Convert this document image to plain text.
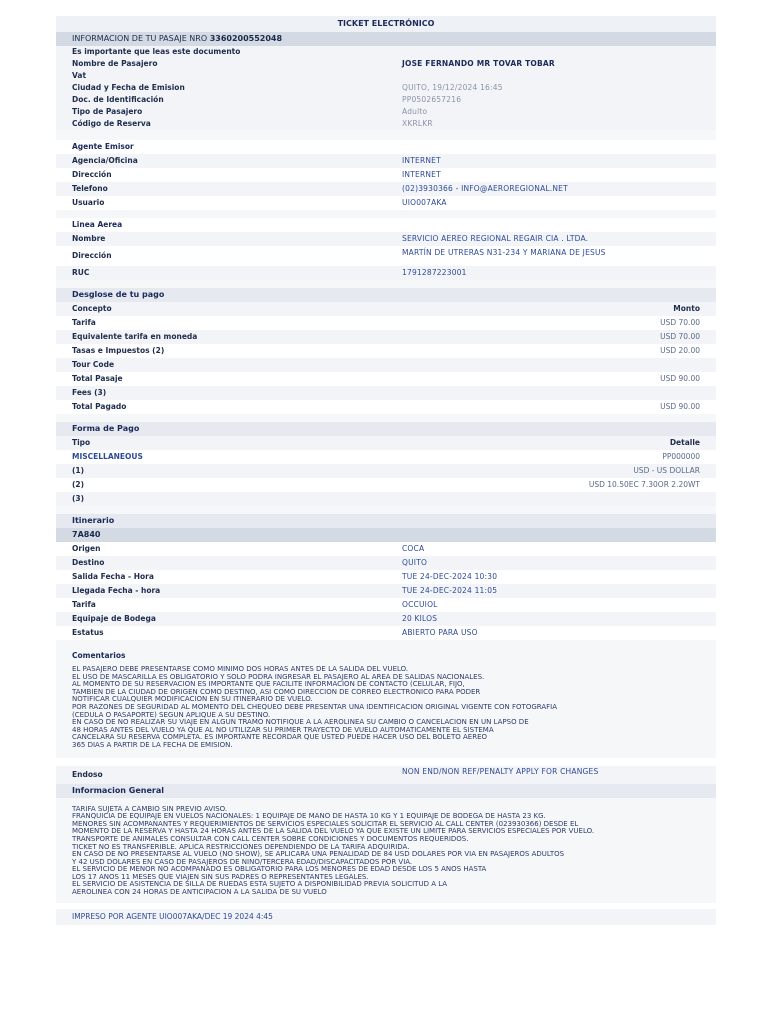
TICKET ELECTRÓNICO
INFORMACION DE TU PASAJE NRO 3360200552048
Es importante que leas este documento
Nombre de Pasajero	JOSE FERNANDO MR TOVAR TOBAR
Vat
Ciudad y Fecha de Emision	QUITO, 19/12/2024 16:45
Doc. de Identificación	PP0502657216
Tipo de Pasajero	Adulto
Código de Reserva	XKRLKR
Agente Emisor
Agencia/Oficina	INTERNET
Dirección	INTERNET
Telefono	(02)3930366 - INFO@AEROREGIONAL.NET
Usuario	UIO007AKA
Linea Aerea
Nombre	SERVICIO AEREO REGIONAL REGAIR CIA . LTDA.
Dirección	MARTÍN DE UTRERAS N31-234 Y MARIANA DE JESUS
RUC	1791287223001
Desglose de tu pago
Concepto	Monto
Tarifa	USD 70.00
Equivalente tarifa en moneda	USD 70.00
Tasas e Impuestos (2)	USD 20.00
Tour Code
Total Pasaje	USD 90.00
Fees (3)
Total Pagado	USD 90.00
Forma de Pago
Tipo	Detalle
MISCELLANEOUS	PP000000
(1)	USD - US DOLLAR
(2)	USD 10.50EC 7.30OR 2.20WT
(3)
Itinerario
7A840
Origen	COCA
Destino	QUITO
Salida Fecha - Hora	TUE 24-DEC-2024 10:30
Llegada Fecha - hora	TUE 24-DEC-2024 11:05
Tarifa	OCCUIOL
Equipaje de Bodega	20 KILOS
Estatus	ABIERTO PARA USO
Comentarios
EL PASAJERO DEBE PRESENTARSE COMO MINIMO DOS HORAS ANTES DE LA SALIDA DEL VUELO.
EL USO DE MASCARILLA ES OBLIGATORIO Y SOLO PODRA INGRESAR EL PASAJERO AL AREA DE SALIDAS NACIONALES.
AL MOMENTO DE SU RESERVACION ES IMPORTANTE QUE FACILITE INFORMACION DE CONTACTO (CELULAR, FIJO,
TAMBIEN DE LA CIUDAD DE ORIGEN COMO DESTINO, ASI COMO DIRECCION DE CORREO ELECTRONICO PARA PODER
NOTIFICAR CUALQUIER MODIFICACION EN SU ITINERARIO DE VUELO.
POR RAZONES DE SEGURIDAD AL MOMENTO DEL CHEQUEO DEBE PRESENTAR UNA IDENTIFICACION ORIGINAL VIGENTE CON FOTOGRAFIA
(CEDULA O PASAPORTE) SEGUN APLIQUE A SU DESTINO.
EN CASO DE NO REALIZAR SU VIAJE EN ALGUN TRAMO NOTIFIQUE A LA AEROLINEA SU CAMBIO O CANCELACION EN UN LAPSO DE
48 HORAS ANTES DEL VUELO YA QUE AL NO UTILIZAR SU PRIMER TRAYECTO DE VUELO AUTOMATICAMENTE EL SISTEMA
CANCELARA SU RESERVA COMPLETA. ES IMPORTANTE RECORDAR QUE USTED PUEDE HACER USO DEL BOLETO AEREO
365 DIAS A PARTIR DE LA FECHA DE EMISION.
Endoso	NON END/NON REF/PENALTY APPLY FOR CHANGES
Informacion General
TARIFA SUJETA A CAMBIO SIN PREVIO AVISO.
FRANQUICIA DE EQUIPAJE EN VUELOS NACIONALES: 1 EQUIPAJE DE MANO DE HASTA 10 KG Y 1 EQUIPAJE DE BODEGA DE HASTA 23 KG.
MENORES SIN ACOMPANANTES Y REQUERIMIENTOS DE SERVICIOS ESPECIALES SOLICITAR EL SERVICIO AL CALL CENTER (023930366) DESDE EL
MOMENTO DE LA RESERVA Y HASTA 24 HORAS ANTES DE LA SALIDA DEL VUELO YA QUE EXISTE UN LIMITE PARA SERVICIOS ESPECIALES POR VUELO.
TRANSPORTE DE ANIMALES CONSULTAR CON CALL CENTER SOBRE CONDICIONES Y DOCUMENTOS REQUERIDOS.
TICKET NO ES TRANSFERIBLE. APLICA RESTRICCIONES DEPENDIENDO DE LA TARIFA ADQUIRIDA.
EN CASO DE NO PRESENTARSE AL VUELO (NO SHOW), SE APLICARA UNA PENALIDAD DE 84 USD DOLARES POR VIA EN PASAJEROS ADULTOS
Y 42 USD DOLARES EN CASO DE PASAJEROS DE NINO/TERCERA EDAD/DISCAPACITADOS POR VIA.
EL SERVICIO DE MENOR NO ACOMPANADO ES OBLIGATORIO PARA LOS MENORES DE EDAD DESDE LOS 5 ANOS HASTA
LOS 17 ANOS 11 MESES QUE VIAJEN SIN SUS PADRES O REPRESENTANTES LEGALES.
EL SERVICIO DE ASISTENCIA DE SILLA DE RUEDAS ESTA SUJETO A DISPONIBILIDAD PREVIA SOLICITUD A LA
AEROLINEA CON 24 HORAS DE ANTICIPACION A LA SALIDA DE SU VUELO
IMPRESO POR AGENTE UIO007AKA/DEC 19 2024 4:45
